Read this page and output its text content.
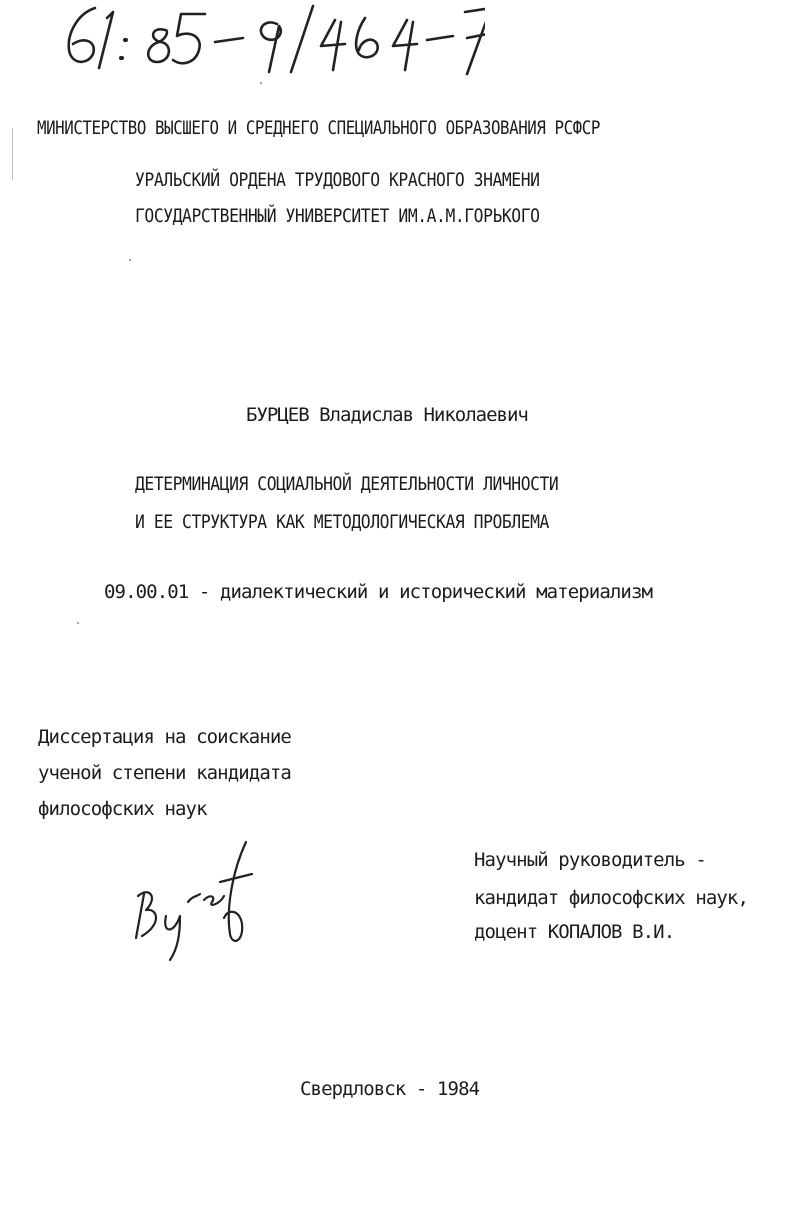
МИНИСТЕРСТВО ВЫСШЕГО И СРЕДНЕГО СПЕЦИАЛЬНОГО ОБРАЗОВАНИЯ РСФСР
УРАЛЬСКИЙ ОРДЕНА ТРУДОВОГО КРАСНОГО ЗНАМЕНИ
ГОСУДАРСТВЕННЫЙ УНИВЕРСИТЕТ ИМ.А.М.ГОРЬКОГО
БУРЦЕВ Владислав Николаевич
ДЕТЕРМИНАЦИЯ СОЦИАЛЬНОЙ ДЕЯТЕЛЬНОСТИ ЛИЧНОСТИ
И ЕЕ СТРУКТУРА КАК МЕТОДОЛОГИЧЕСКАЯ ПРОБЛЕМА
09.00.01 - диалектический и исторический материализм
Диссертация на соискание
ученой степени кандидата
философских наук
Научный руководитель -
кандидат философских наук,
доцент КОПАЛОВ В.И.
Свердловск - 1984
